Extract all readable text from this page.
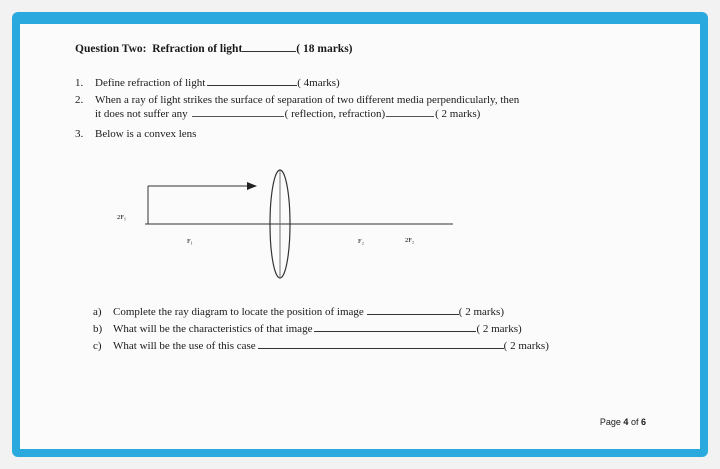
Question Two: Refraction of light	( 18 marks)
1. Define refraction of light	( 4marks)
2. When a ray of light strikes the surface of separation of two different media perpendicularly, then
it does not suffer any	( reflection, refraction)	( 2 marks)
3. Below is a convex lens
2F₁
F₁	F₂	2F₂
a) Complete the ray diagram to locate the position of image	( 2 marks)
b) What will be the characteristics of that image	( 2 marks)
c) What will be the use of this case	( 2 marks)
Page 4 of 6
